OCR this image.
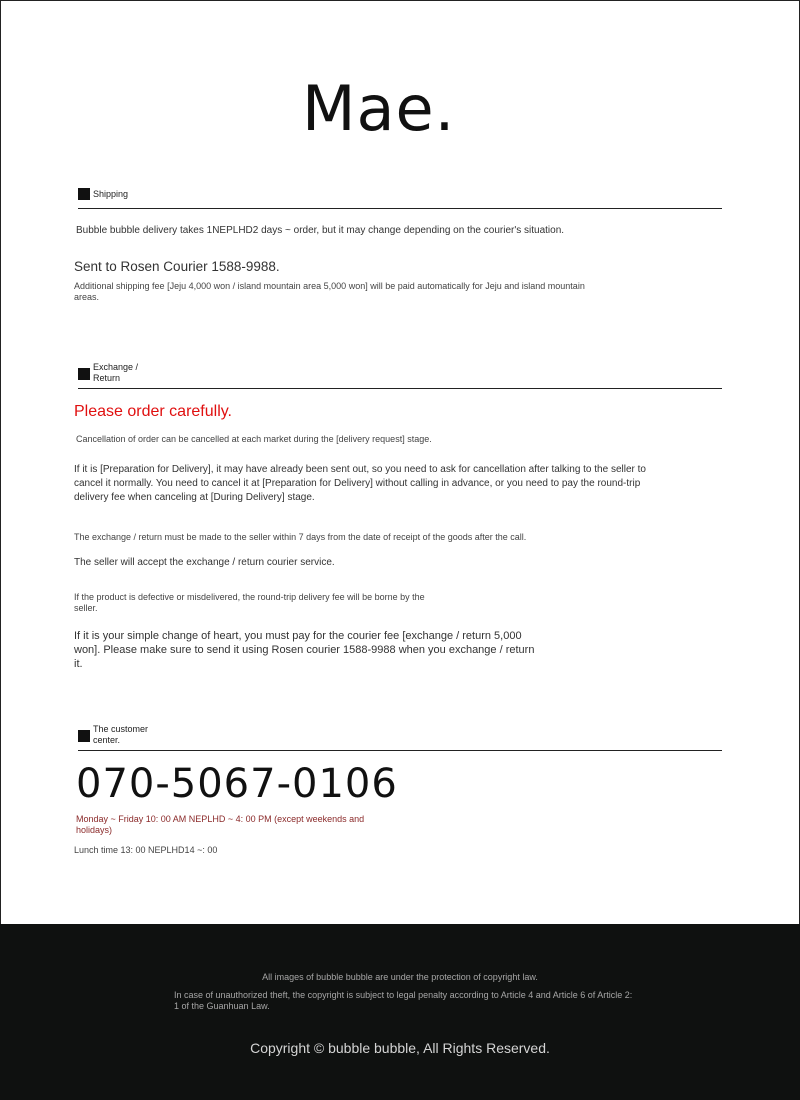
Mae.
Shipping
Bubble bubble delivery takes 1NEPLHD2 days ~ order, but it may change depending on the courier's situation.
Sent to Rosen Courier 1588-9988.
Additional shipping fee [Jeju 4,000 won / island mountain area 5,000 won] will be paid automatically for Jeju and island mountain areas.
Exchange / Return
Please order carefully.
Cancellation of order can be cancelled at each market during the [delivery request] stage.
If it is [Preparation for Delivery], it may have already been sent out, so you need to ask for cancellation after talking to the seller to cancel it normally. You need to cancel it at [Preparation for Delivery] without calling in advance, or you need to pay the round-trip delivery fee when canceling at [During Delivery] stage.
The exchange / return must be made to the seller within 7 days from the date of receipt of the goods after the call.
The seller will accept the exchange / return courier service.
If the product is defective or misdelivered, the round-trip delivery fee will be borne by the seller.
If it is your simple change of heart, you must pay for the courier fee [exchange / return 5,000 won]. Please make sure to send it using Rosen courier 1588-9988 when you exchange / return it.
The customer center.
070-5067-0106
Monday ~ Friday 10: 00 AM NEPLHD ~ 4: 00 PM (except weekends and holidays)
Lunch time 13: 00 NEPLHD14 ~: 00
All images of bubble bubble are under the protection of copyright law.
In case of unauthorized theft, the copyright is subject to legal penalty according to Article 4 and Article 6 of Article 2: 1 of the Guanhuan Law.
Copyright © bubble bubble, All Rights Reserved.
